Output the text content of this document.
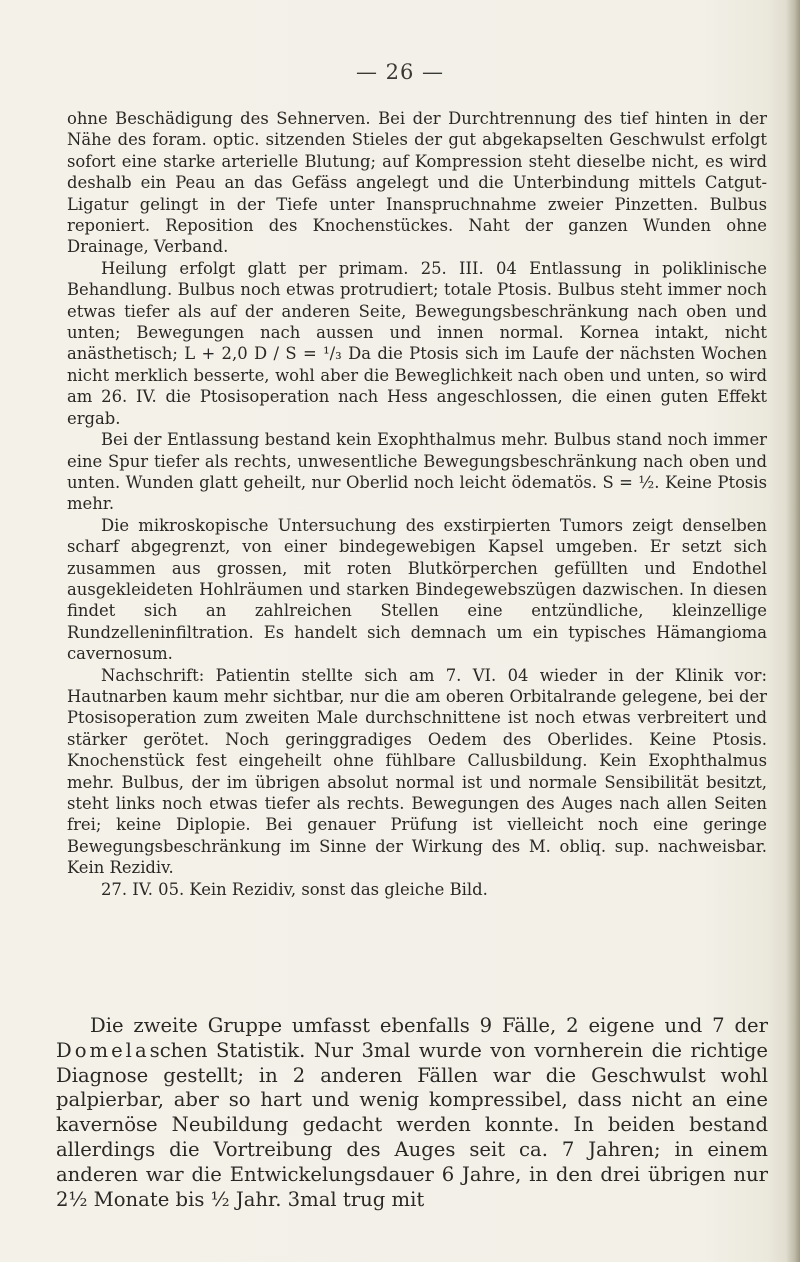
— 26 —

ohne Beschädigung des Sehnerven. Bei der Durchtrennung des tief hinten in der Nähe des foram. optic. sitzenden Stieles der gut abgekapselten Geschwulst erfolgt sofort eine starke arterielle Blutung; auf Kompression steht dieselbe nicht, es wird deshalb ein Peau an das Gefäss angelegt und die Unterbindung mittels Catgut-Ligatur gelingt in der Tiefe unter Inanspruchnahme zweier Pinzetten. Bulbus reponiert. Reposition des Knochenstückes. Naht der ganzen Wunden ohne Drainage, Verband.

Heilung erfolgt glatt per primam. 25. III. 04 Entlassung in poliklinische Behandlung. Bulbus noch etwas protrudiert; totale Ptosis. Bulbus steht immer noch etwas tiefer als auf der anderen Seite, Bewegungsbeschränkung nach oben und unten; Bewegungen nach aussen und innen normal. Kornea intakt, nicht anästhetisch; L + 2,0 D / S = ¹/₃ Da die Ptosis sich im Laufe der nächsten Wochen nicht merklich besserte, wohl aber die Beweglichkeit nach oben und unten, so wird am 26. IV. die Ptosisoperation nach Hess angeschlossen, die einen guten Effekt ergab.

Bei der Entlassung bestand kein Exophthalmus mehr. Bulbus stand noch immer eine Spur tiefer als rechts, unwesentliche Bewegungsbeschränkung nach oben und unten. Wunden glatt geheilt, nur Oberlid noch leicht ödematös. S = ½. Keine Ptosis mehr.

Die mikroskopische Untersuchung des exstirpierten Tumors zeigt denselben scharf abgegrenzt, von einer bindegewebigen Kapsel umgeben. Er setzt sich zusammen aus grossen, mit roten Blutkörperchen gefüllten und Endothel ausgekleideten Hohlräumen und starken Bindegewebszügen dazwischen. In diesen findet sich an zahlreichen Stellen eine entzündliche, kleinzellige Rundzelleninfiltration. Es handelt sich demnach um ein typisches Hämangioma cavernosum.

Nachschrift: Patientin stellte sich am 7. VI. 04 wieder in der Klinik vor: Hautnarben kaum mehr sichtbar, nur die am oberen Orbitalrande gelegene, bei der Ptosisoperation zum zweiten Male durchschnittene ist noch etwas verbreitert und stärker gerötet. Noch geringgradiges Oedem des Oberlides. Keine Ptosis. Knochenstück fest eingeheilt ohne fühlbare Callusbildung. Kein Exophthalmus mehr. Bulbus, der im übrigen absolut normal ist und normale Sensibilität besitzt, steht links noch etwas tiefer als rechts. Bewegungen des Auges nach allen Seiten frei; keine Diplopie. Bei genauer Prüfung ist vielleicht noch eine geringe Bewegungsbeschränkung im Sinne der Wirkung des M. obliq. sup. nachweisbar. Kein Rezidiv.

27. IV. 05. Kein Rezidiv, sonst das gleiche Bild.

Die zweite Gruppe umfasst ebenfalls 9 Fälle, 2 eigene und 7 der Domelaschen Statistik. Nur 3mal wurde von vornherein die richtige Diagnose gestellt; in 2 anderen Fällen war die Geschwulst wohl palpierbar, aber so hart und wenig kompressibel, dass nicht an eine kavernöse Neubildung gedacht werden konnte. In beiden bestand allerdings die Vortreibung des Auges seit ca. 7 Jahren; in einem anderen war die Entwickelungsdauer 6 Jahre, in den drei übrigen nur 2½ Monate bis ½ Jahr. 3mal trug mit
